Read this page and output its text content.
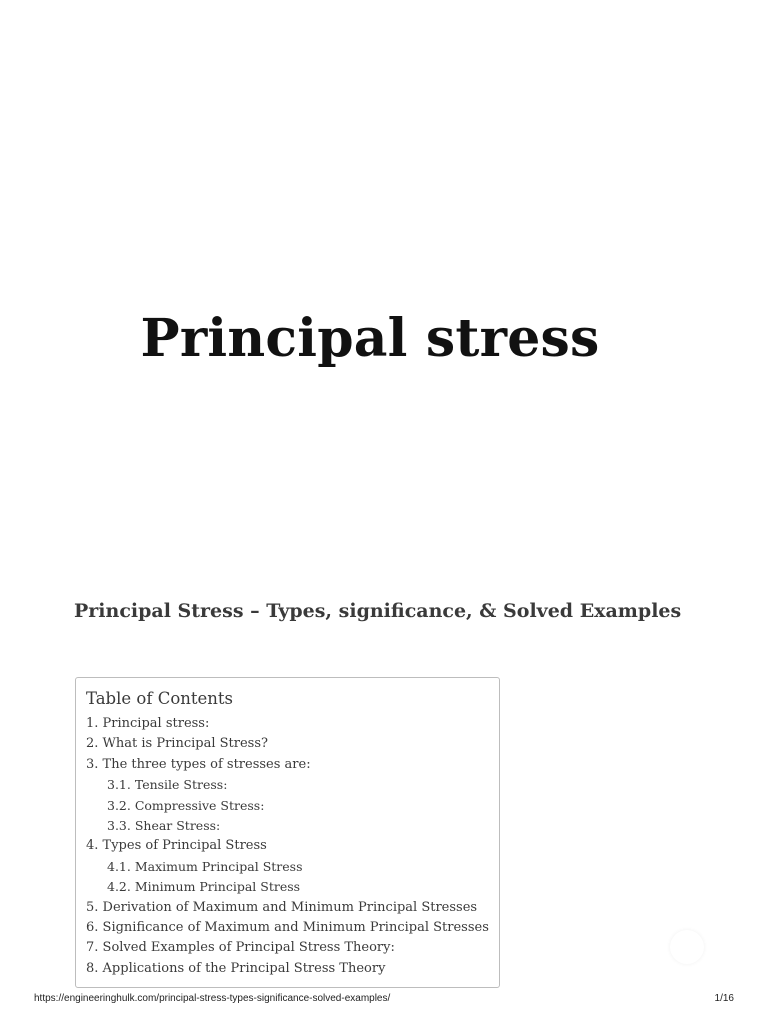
Principal stress
Principal Stress – Types, significance, & Solved Examples
Table of Contents
1. Principal stress:
2. What is Principal Stress?
3. The three types of stresses are:
3.1. Tensile Stress:
3.2. Compressive Stress:
3.3. Shear Stress:
4. Types of Principal Stress
4.1. Maximum Principal Stress
4.2. Minimum Principal Stress
5. Derivation of Maximum and Minimum Principal Stresses
6. Significance of Maximum and Minimum Principal Stresses
7. Solved Examples of Principal Stress Theory:
8. Applications of the Principal Stress Theory
https://engineeringhulk.com/principal-stress-types-significance-solved-examples/	1/16
